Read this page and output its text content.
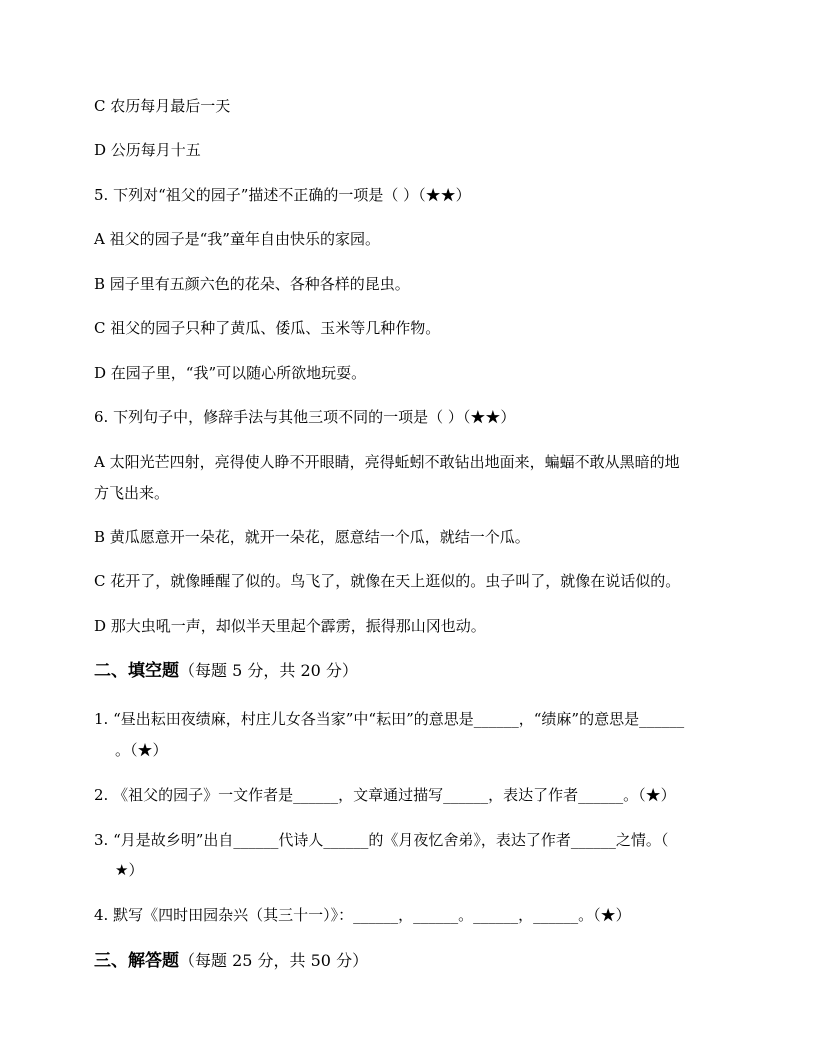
C 农历每月最后一天
D 公历每月十五
5. 下列对“祖父的园子”描述不正确的一项是（ ）（★★）
A 祖父的园子是“我”童年自由快乐的家园。
B 园子里有五颜六色的花朵、各种各样的昆虫。
C 祖父的园子只种了黄瓜、倭瓜、玉米等几种作物。
D 在园子里，“我”可以随心所欲地玩耍。
6. 下列句子中，修辞手法与其他三项不同的一项是（ ）（★★）
A 太阳光芒四射，亮得使人睁不开眼睛，亮得蚯蚓不敢钻出地面来，蝙蝠不敢从黑暗的地
方飞出来。
B 黄瓜愿意开一朵花，就开一朵花，愿意结一个瓜，就结一个瓜。
C 花开了，就像睡醒了似的。鸟飞了，就像在天上逛似的。虫子叫了，就像在说话似的。
D 那大虫吼一声，却似半天里起个霹雳，振得那山冈也动。
二、填空题（每题 5 分，共 20 分）
1. “昼出耘田夜绩麻，村庄儿女各当家”中“耘田”的意思是______，“绩麻”的意思是______
。（★）
2. 《祖父的园子》一文作者是______，文章通过描写______，表达了作者______。（★）
3. “月是故乡明”出自______代诗人______的《月夜忆舍弟》，表达了作者______之情。（
★）
4. 默写《四时田园杂兴（其三十一）》：______，______。______，______。（★）
三、解答题（每题 25 分，共 50 分）
